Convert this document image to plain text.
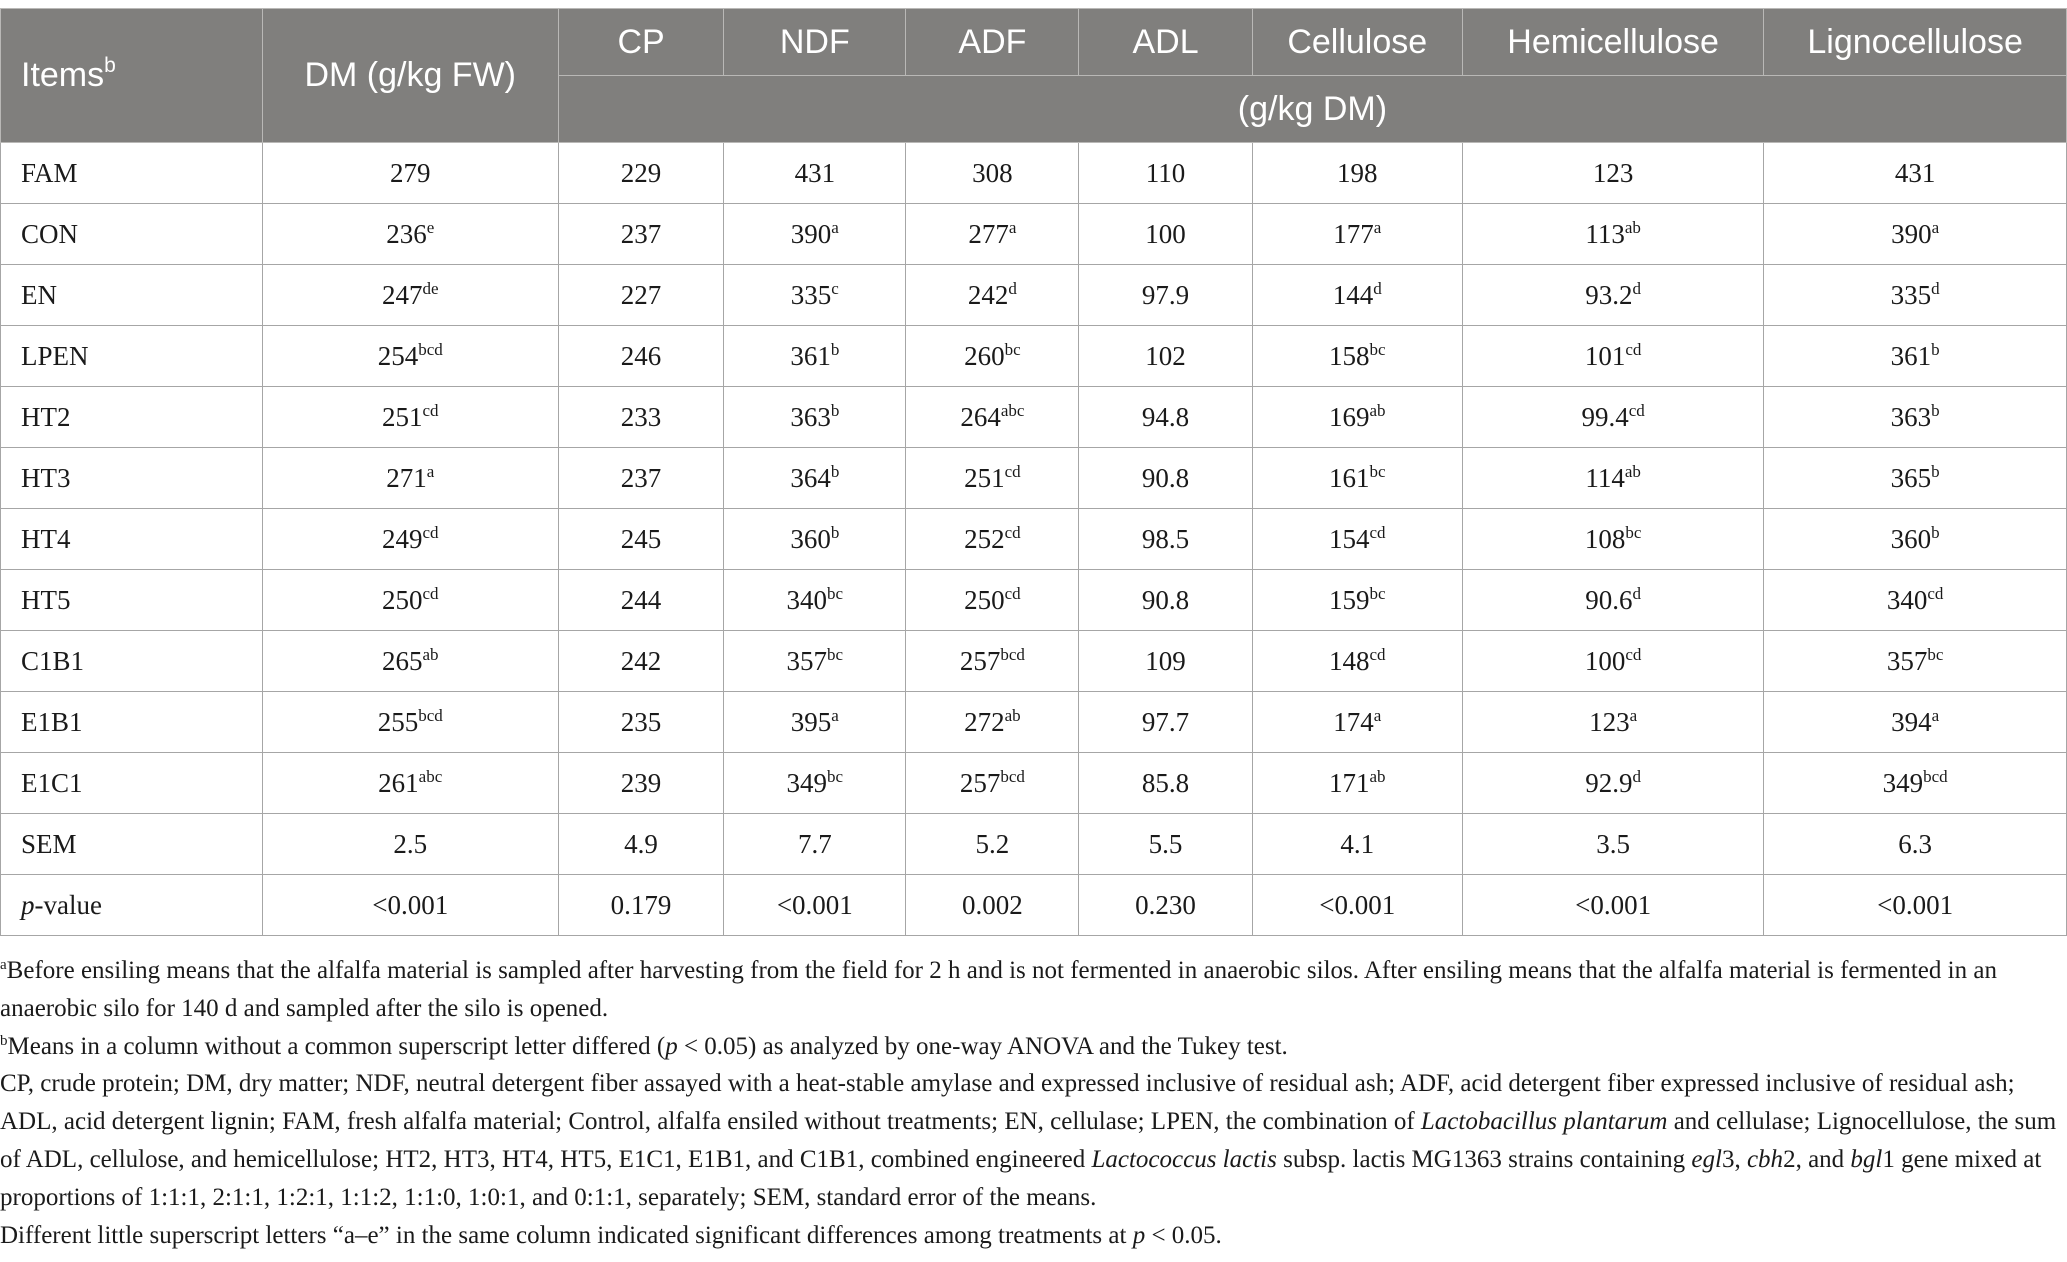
Items$^b$	DM (g/kg FW)	CP	NDF	ADF	ADL	Cellulose	Hemicellulose	Lignocellulose
		(g/kg DM)						
FAM	279	229	431	308	110	198	123	431
CON	236e	237	390$^a$	277$^a$	100	177$^a$	$113^{ab}$	390$^a$
EN	247de	227	335$^c$	242$^d$	97.9	144$^d$	93.2$^d$	335$^d$
LPEN	$254^{bcd}$	246	361$^b$	$260^{bc}$	102	$158^{bc}$	$101^{cd}$	361$^b$
HT2	$251^{cd}$	233	363$^b$	$264^{abc}$	94.8	$169^{ab}$	99.4$^{cd}$	363$^b$
HT3	271$^a$	237	364$^b$	$251^{cd}$	90.8	$161^{bc}$	$114^{ab}$	365$^b$
HT4	$249^{cd}$	245	360$^b$	$252^{cd}$	98.5	$154^{cd}$	$108^{bc}$	360$^b$
HT5	$250^{cd}$	244	$340^{bc}$	$250^{cd}$	90.8	$159^{bc}$	90.6$^d$	$340^{cd}$
C1B1	$265^{ab}$	242	$357^{bc}$	$257^{bcd}$	109	$148^{cd}$	$100^{cd}$	$357^{bc}$
E1B1	$255^{bcd}$	235	395$^a$	$272^{ab}$	97.7	174$^a$	123$^a$	394$^a$
E1C1	$261^{abc}$	239	$349^{bc}$	$257^{bcd}$	85.8	$171^{ab}$	92.9$^d$	$349^{bcd}$
SEM	2.5	4.9	7.7	5.2	5.5	4.1	3.5	6.3
p-value	<0.001	0.179	<0.001	0.002	0.230	<0.001	<0.001	<0.001

$^a$Before ensiling means that the alfalfa material is sampled after harvesting from the field for 2 h and is not fermented in anaerobic silos. After ensiling means that the alfalfa material is fermented in an anaerobic silo for 140 d and sampled after the silo is opened.

$^b$Means in a column without a common superscript letter differed (p < 0.05) as analyzed by one-way ANOVA and the Tukey test.

CP, crude protein; DM, dry matter; NDF, neutral detergent fiber assayed with a heat-stable amylase and expressed inclusive of residual ash; ADF, acid detergent fiber expressed inclusive of residual ash; ADL, acid detergent lignin; FAM, fresh alfalfa material; Control, alfalfa ensiled without treatments; EN, cellulase; LPEN, the combination of Lactobacillus plantarum and cellulase; Lignocellulose, the sum of ADL, cellulose, and hemicellulose; HT2, HT3, HT4, HT5, E1C1, E1B1, and C1B1, combined engineered Lactococcus lactis subsp. lactis MG1363 strains containing egl3, cbh2, and bgl1 gene mixed at proportions of 1:1:1, 2:1:1, 1:2:1, 1:1:2, 1:1:0, 1:0:1, and 0:1:1, separately; SEM, standard error of the means.

Different little superscript letters “a–e” in the same column indicated significant differences among treatments at p < 0.05.
